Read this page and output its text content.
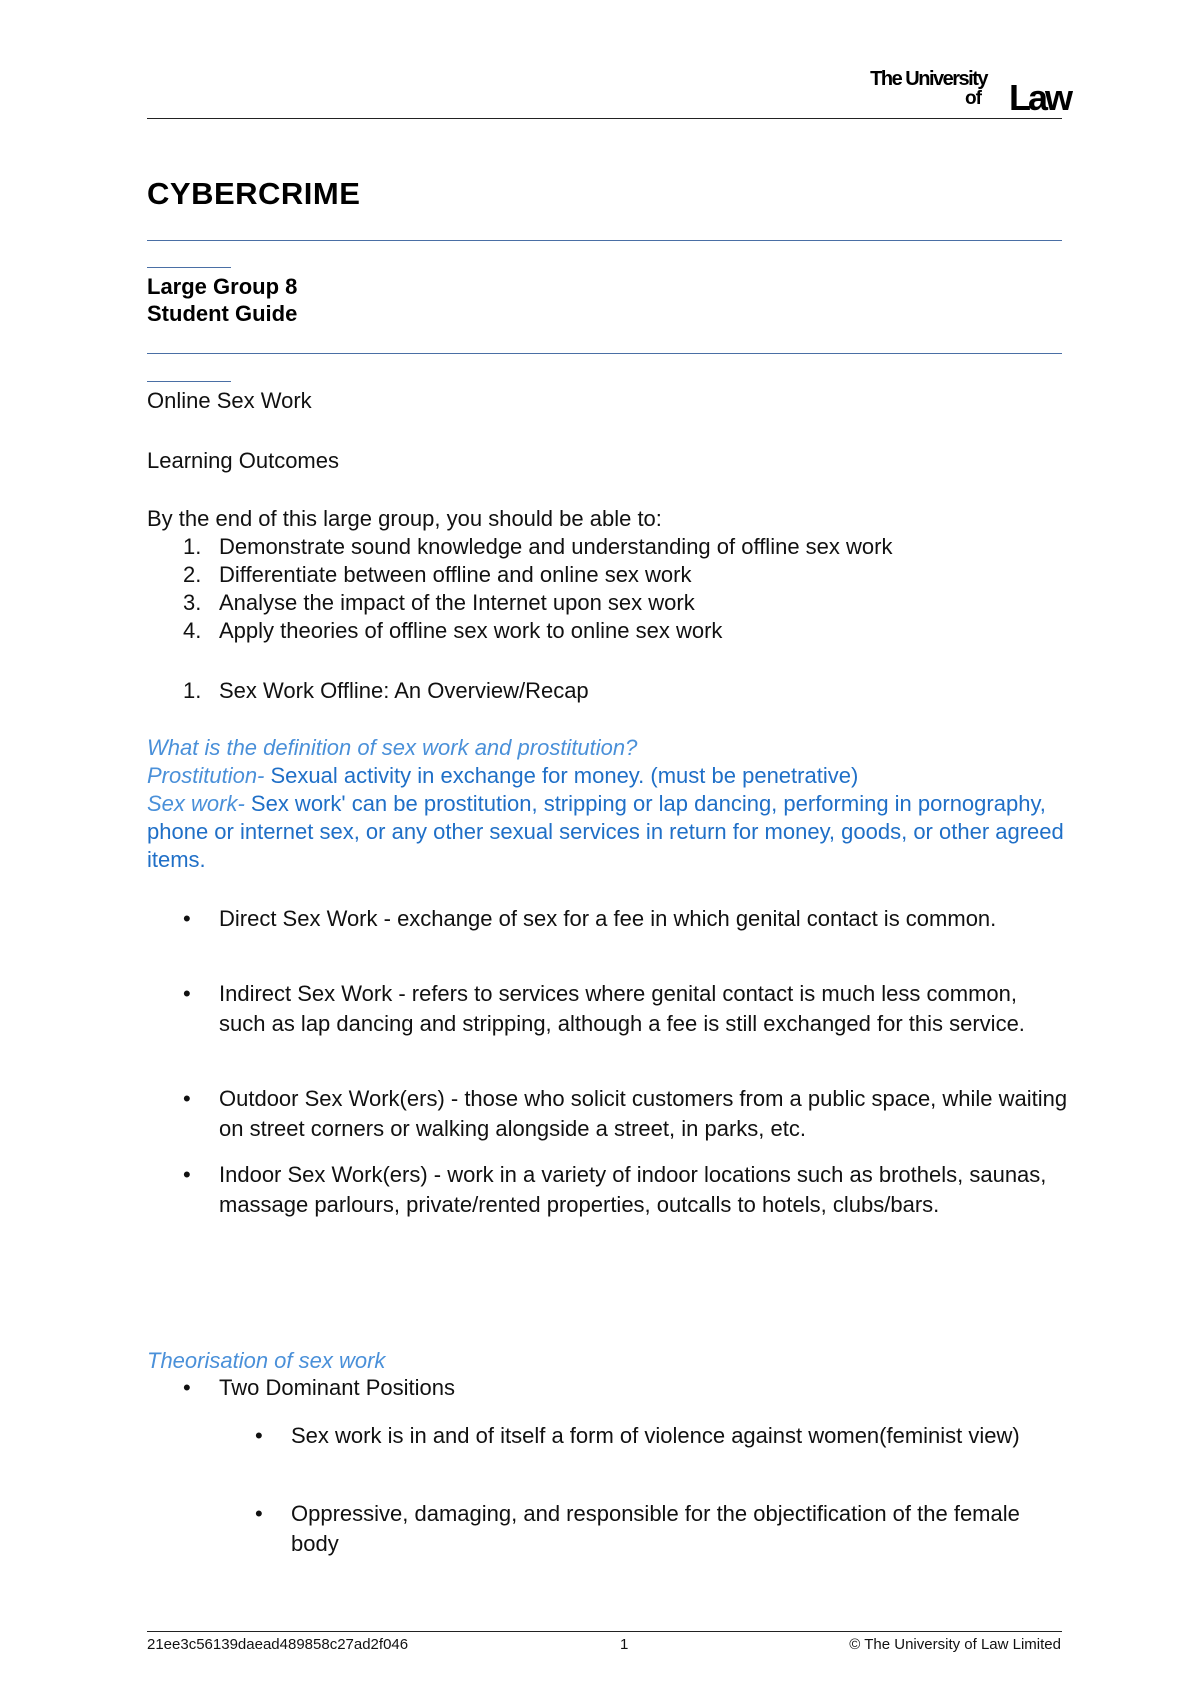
The University
of Law
CYBERCRIME
Large Group 8
Student Guide
Online Sex Work
Learning Outcomes
By the end of this large group, you should be able to:
1. Demonstrate sound knowledge and understanding of offline sex work
2. Differentiate between offline and online sex work
3. Analyse the impact of the Internet upon sex work
4. Apply theories of offline sex work to online sex work
1. Sex Work Offline: An Overview/Recap
What is the definition of sex work and prostitution?
Prostitution- Sexual activity in exchange for money. (must be penetrative)
Sex work- Sex work' can be prostitution, stripping or lap dancing, performing in pornography, phone or internet sex, or any other sexual services in return for money, goods, or other agreed items.
• Direct Sex Work - exchange of sex for a fee in which genital contact is common.
• Indirect Sex Work - refers to services where genital contact is much less common, such as lap dancing and stripping, although a fee is still exchanged for this service.
• Outdoor Sex Work(ers) - those who solicit customers from a public space, while waiting on street corners or walking alongside a street, in parks, etc.
• Indoor Sex Work(ers) - work in a variety of indoor locations such as brothels, saunas, massage parlours, private/rented properties, outcalls to hotels, clubs/bars.
Theorisation of sex work
• Two Dominant Positions
• Sex work is in and of itself a form of violence against women(feminist view)
• Oppressive, damaging, and responsible for the objectification of the female body
21ee3c56139daead489858c27ad2f046	1	© The University of Law Limited
